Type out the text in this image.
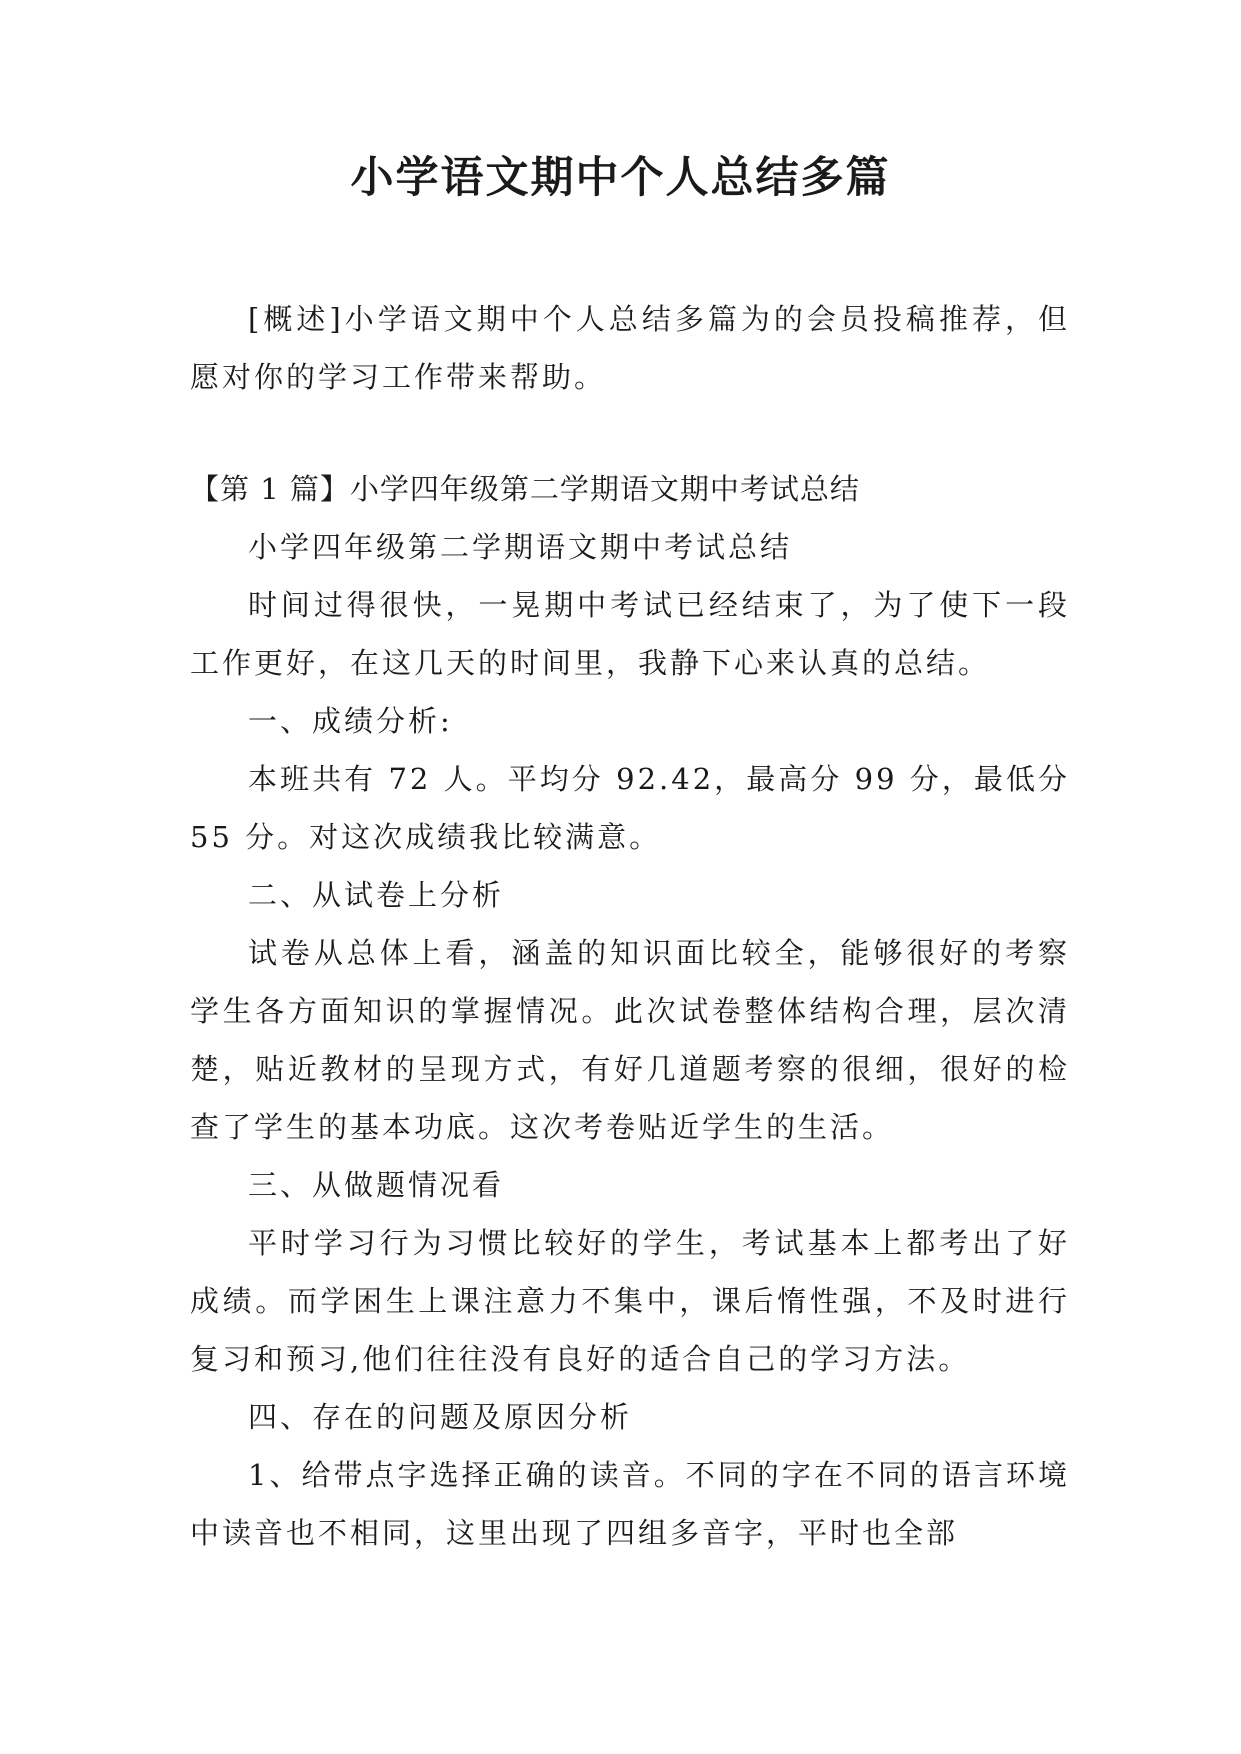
小学语文期中个人总结多篇

[概述]小学语文期中个人总结多篇为的会员投稿推荐，但愿对你的学习工作带来帮助。

【第 1 篇】小学四年级第二学期语文期中考试总结

小学四年级第二学期语文期中考试总结

时间过得很快，一晃期中考试已经结束了，为了使下一段工作更好，在这几天的时间里，我静下心来认真的总结。

一、成绩分析:

本班共有 72 人。平均分 92.42，最高分 99 分，最低分 55 分。对这次成绩我比较满意。

二、从试卷上分析

试卷从总体上看，涵盖的知识面比较全，能够很好的考察学生各方面知识的掌握情况。此次试卷整体结构合理，层次清楚，贴近教材的呈现方式，有好几道题考察的很细，很好的检查了学生的基本功底。这次考卷贴近学生的生活。

三、从做题情况看

平时学习行为习惯比较好的学生，考试基本上都考出了好成绩。而学困生上课注意力不集中，课后惰性强，不及时进行复习和预习,他们往往没有良好的适合自己的学习方法。

四、存在的问题及原因分析

1、给带点字选择正确的读音。不同的字在不同的语言环境中读音也不相同，这里出现了四组多音字，平时也全部
